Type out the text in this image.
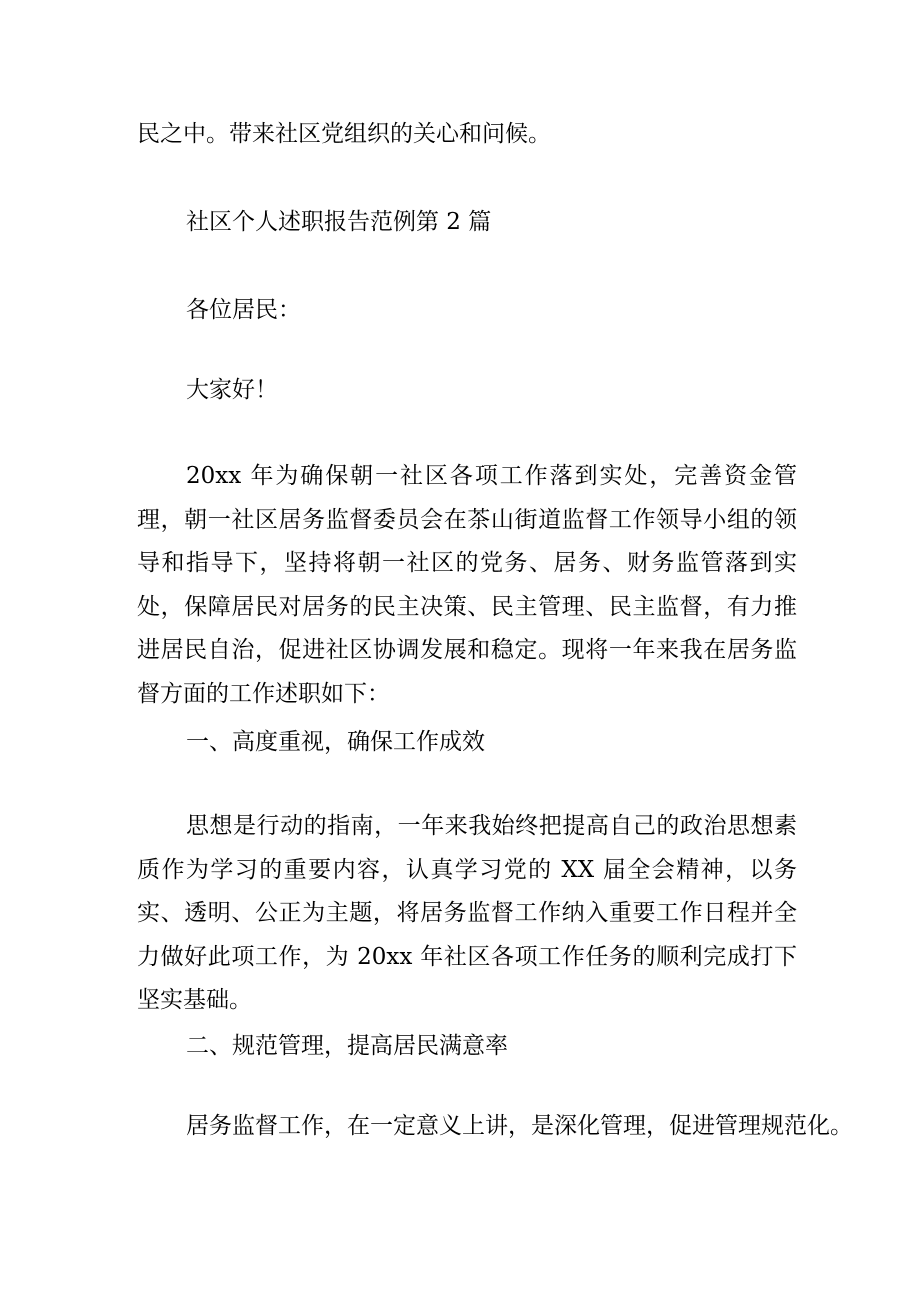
民之中。带来社区党组织的关心和问候。
社区个人述职报告范例第 2 篇
各位居民：
大家好！
20xx 年为确保朝一社区各项工作落到实处，完善资金管理，朝一社区居务监督委员会在茶山街道监督工作领导小组的领导和指导下，坚持将朝一社区的党务、居务、财务监管落到实处，保障居民对居务的民主决策、民主管理、民主监督，有力推进居民自治，促进社区协调发展和稳定。现将一年来我在居务监督方面的工作述职如下：
一、高度重视，确保工作成效
思想是行动的指南，一年来我始终把提高自己的政治思想素质作为学习的重要内容，认真学习党的 XX 届全会精神，以务实、透明、公正为主题，将居务监督工作纳入重要工作日程并全力做好此项工作，为 20xx 年社区各项工作任务的顺利完成打下坚实基础。
二、规范管理，提高居民满意率
居务监督工作，在一定意义上讲，是深化管理，促进管理规范化。
